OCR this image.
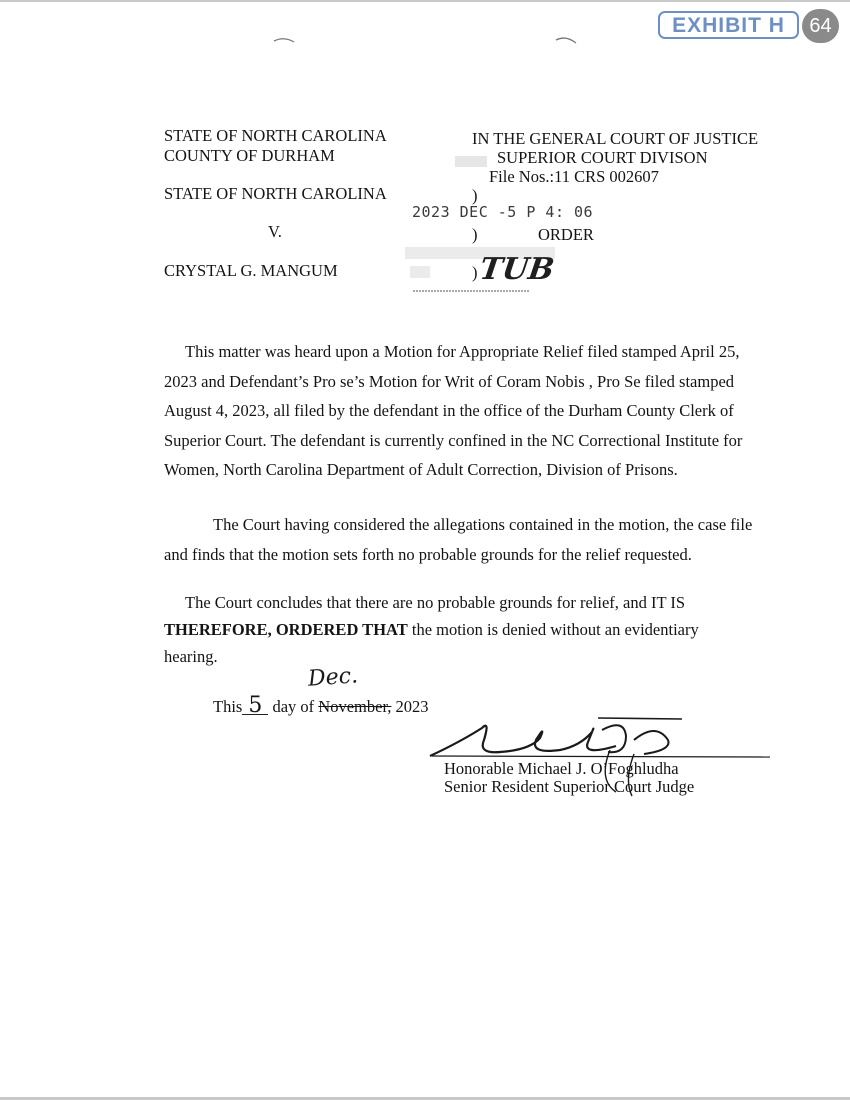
EXHIBIT H	64
STATE OF NORTH CAROLINA
COUNTY OF DURHAM
IN THE GENERAL COURT OF JUSTICE
SUPERIOR COURT DIVISON
File Nos.:11 CRS 002607
STATE OF NORTH CAROLINA
V.
CRYSTAL G. MANGUM
)
)
)
ORDER
2023 DEC -5 P 4: 06
TUB

This matter was heard upon a Motion for Appropriate Relief filed stamped April 25,

2023 and Defendant’s Pro se’s Motion for Writ of Coram Nobis , Pro Se filed stamped

August 4, 2023, all filed by the defendant in the office of the Durham County Clerk of

Superior Court. The defendant is currently confined in the NC Correctional Institute for

Women, North Carolina Department of Adult Correction, Division of Prisons.

The Court having considered the allegations contained in the motion, the case file

and finds that the motion sets forth no probable grounds for the relief requested.

The Court concludes that there are no probable grounds for relief, and IT IS

THEREFORE, ORDERED THAT the motion is denied without an evidentiary

hearing.

Dec.
This 5 day of November, 2023
Honorable Michael J. O’Foghludha
Senior Resident Superior Court Judge
